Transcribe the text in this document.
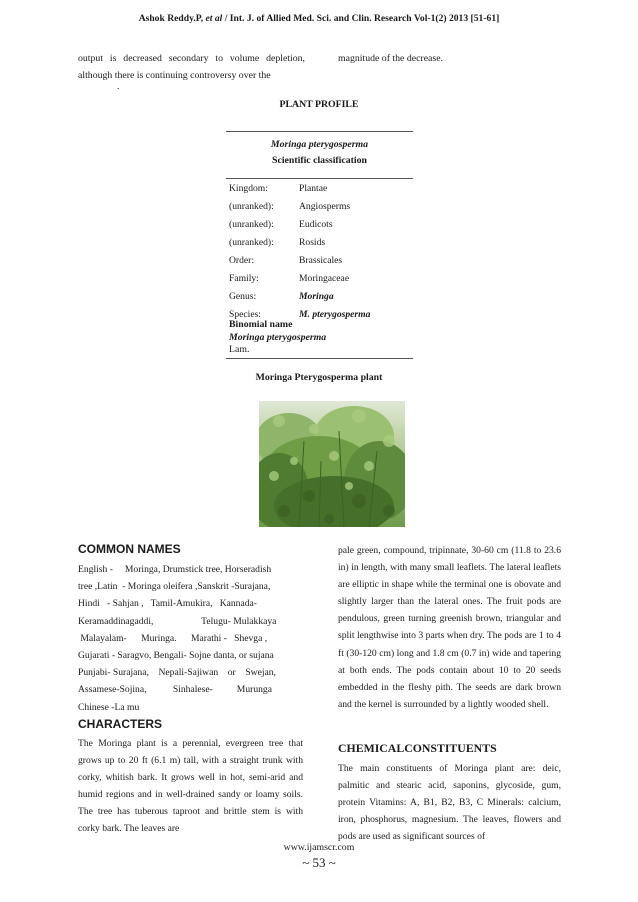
Ashok Reddy.P, et al / Int. J. of Allied Med. Sci. and Clin. Research Vol-1(2) 2013 [51-61]
output is decreased secondary to volume depletion, although there is continuing controversy over the
.
magnitude of the decrease.
PLANT PROFILE
Moringa pterygosperma
Scientific classification
Kingdom:	Plantae
(unranked):	Angiosperms
(unranked):	Eudicots
(unranked):	Rosids
Order:	Brassicales
Family:	Moringaceae
Genus:	Moringa
Species:	M. pterygosperma
Binomial name
Moringa pterygosperma
Lam.
Moringa Pterygosperma plant
COMMON NAMES
English -     Moringa, Drumstick tree, Horseradish
tree ,Latin  - Moringa oleifera ,Sanskrit -Surajana,
Hindi   - Sahjan ,   Tamil-Amukira,   Kannada-
Keramaddinagaddi,                    Telugu- Mulakkaya
Malayalam-      Muringa.      Marathi -   Shevga ,
Gujarati - Saragvo, Bengali- Sojne danta, or sujana
Punjabi- Surajana,    Nepali-Sajiwan    or    Swejan,
Assamese-Sojina,           Sinhalese-          Murunga
Chinese -La mu
CHARACTERS
The Moringa plant is a perennial, evergreen tree that grows up to 20 ft (6.1 m) tall, with a straight trunk with corky, whitish bark. It grows well in hot, semi-arid and humid regions and in well-drained sandy or loamy soils. The tree has tuberous taproot and brittle stem is with corky bark. The leaves are
pale green, compound, tripinnate, 30-60 cm (11.8 to 23.6 in) in length, with many small leaflets. The lateral leaflets are elliptic in shape while the terminal one is obovate and slightly larger than the lateral ones. The fruit pods are pendulous, green turning greenish brown, triangular and split lengthwise into 3 parts when dry. The pods are 1 to 4 ft (30-120 cm) long and 1.8 cm (0.7 in) wide and tapering at both ends. The pods contain about 10 to 20 seeds embedded in the fleshy pith. The seeds are dark brown and the kernel is surrounded by a lightly wooded shell.
CHEMICALCONSTITUENTS
The main constituents of Moringa plant are: deic, palmitic and stearic acid, saponins, glycoside, gum, protein Vitamins: A, B1, B2, B3, C Minerals: calcium, iron, phosphorus, magnesium. The leaves, flowers and pods are used as significant sources of
www.ijamscr.com
~ 53 ~
